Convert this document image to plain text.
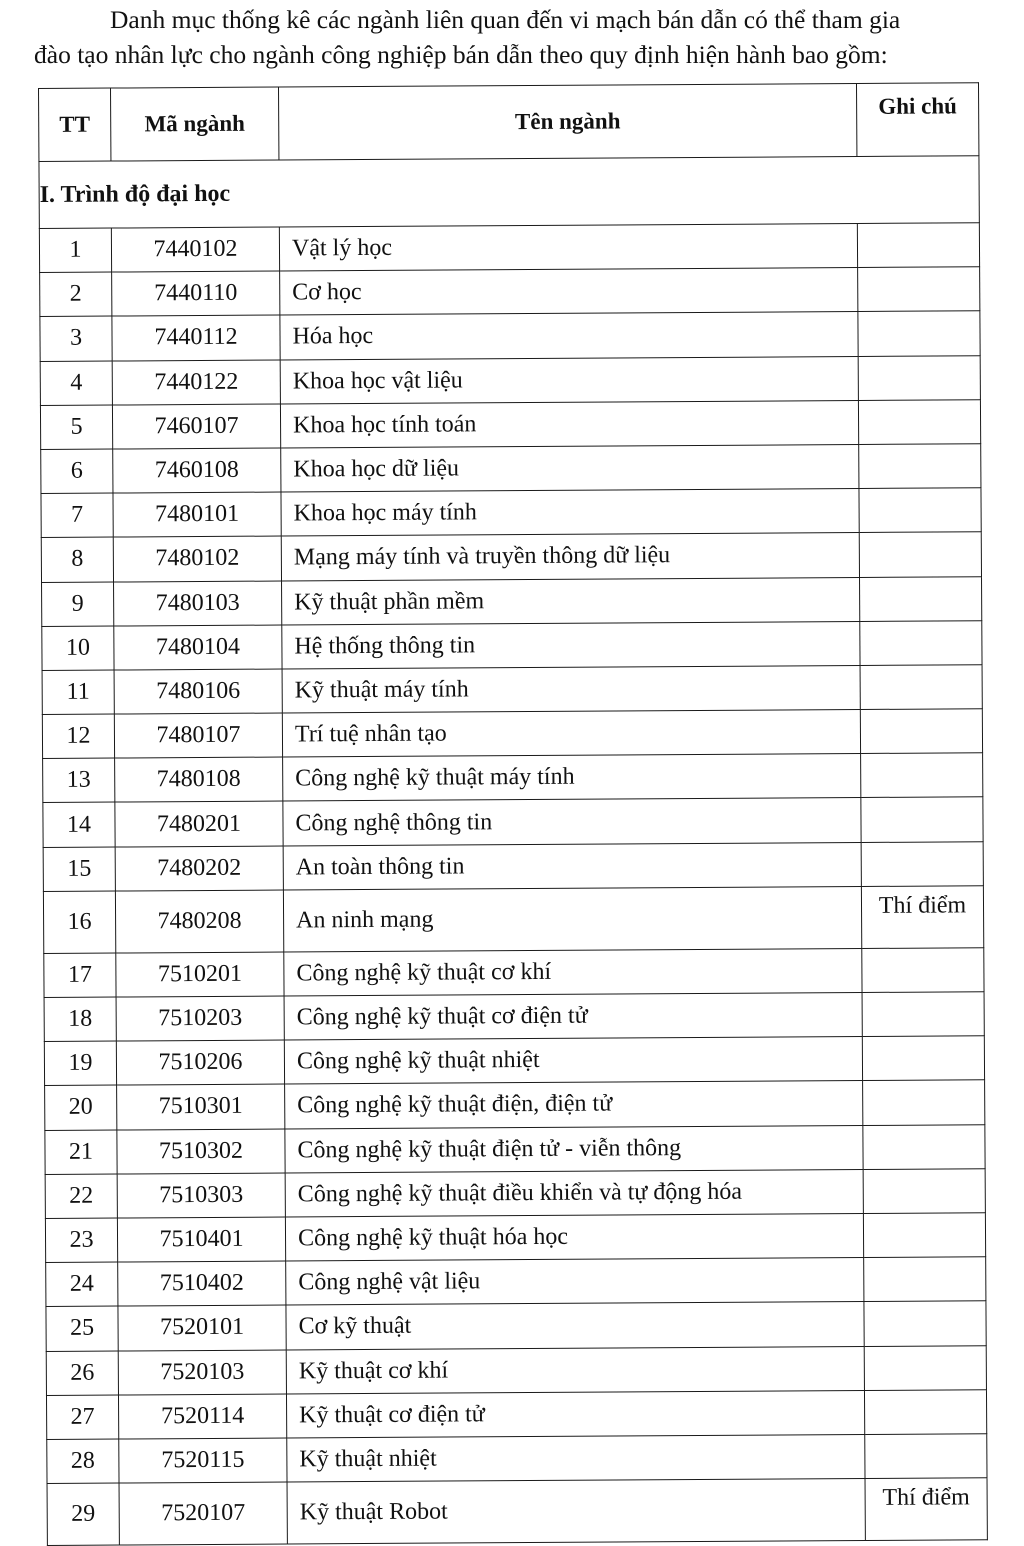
Danh mục thống kê các ngành liên quan đến vi mạch bán dẫn có thể tham gia

đào tạo nhân lực cho ngành công nghiệp bán dẫn theo quy định hiện hành bao gồm:

TT	Mã ngành	Tên ngành	Ghi chú
I. Trình độ đại học			
1	7440102	Vật lý học	
2	7440110	Cơ học	
3	7440112	Hóa học	
4	7440122	Khoa học vật liệu	
5	7460107	Khoa học tính toán	
6	7460108	Khoa học dữ liệu	
7	7480101	Khoa học máy tính	
8	7480102	Mạng máy tính và truyền thông dữ liệu	
9	7480103	Kỹ thuật phần mềm	
10	7480104	Hệ thống thông tin	
11	7480106	Kỹ thuật máy tính	
12	7480107	Trí tuệ nhân tạo	
13	7480108	Công nghệ kỹ thuật máy tính	
14	7480201	Công nghệ thông tin	
15	7480202	An toàn thông tin	
16	7480208	An ninh mạng	Thí điểm
17	7510201	Công nghệ kỹ thuật cơ khí	
18	7510203	Công nghệ kỹ thuật cơ điện tử	
19	7510206	Công nghệ kỹ thuật nhiệt	
20	7510301	Công nghệ kỹ thuật điện, điện tử	
21	7510302	Công nghệ kỹ thuật điện tử - viễn thông	
22	7510303	Công nghệ kỹ thuật điều khiển và tự động hóa	
23	7510401	Công nghệ kỹ thuật hóa học	
24	7510402	Công nghệ vật liệu	
25	7520101	Cơ kỹ thuật	
26	7520103	Kỹ thuật cơ khí	
27	7520114	Kỹ thuật cơ điện tử	
28	7520115	Kỹ thuật nhiệt	
29	7520107	Kỹ thuật Robot	Thí điểm
